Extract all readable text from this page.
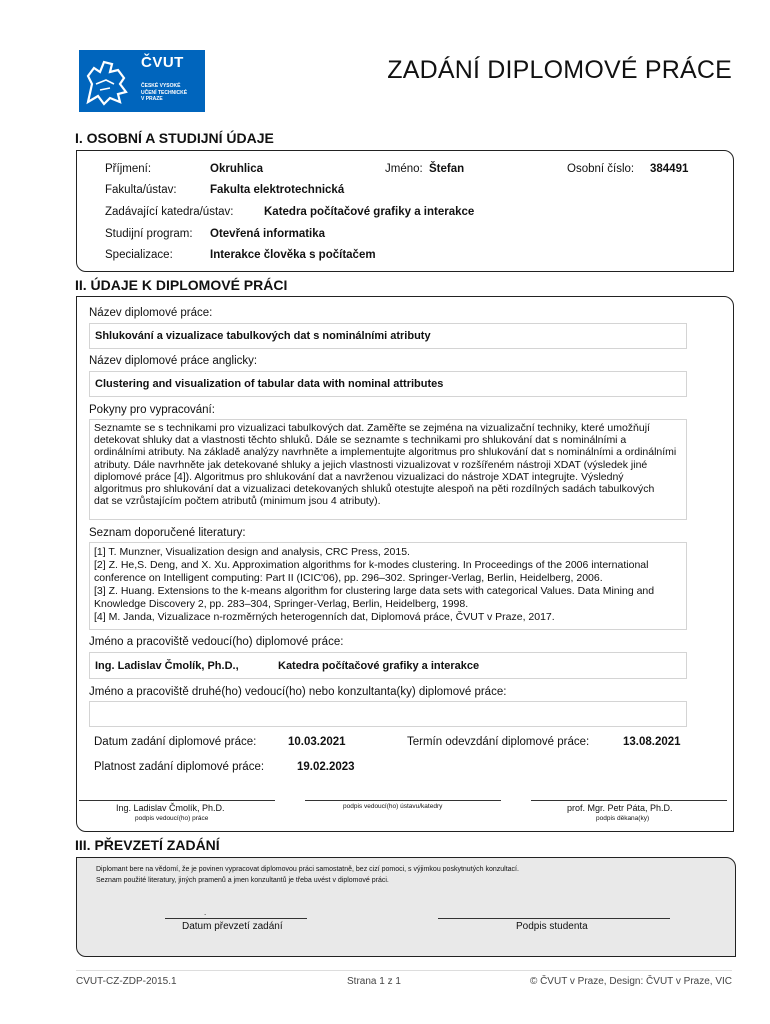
ČVUT
ČESKÉ VYSOKÉ
UČENÍ TECHNICKÉ
V PRAZE
ZADÁNÍ DIPLOMOVÉ PRÁCE
I. OSOBNÍ A STUDIJNÍ ÚDAJE
Příjmení:	Okruhlica	Jméno: Štefan	Osobní číslo: 384491
Fakulta/ústav:	Fakulta elektrotechnická
Zadávající katedra/ústav:	Katedra počítačové grafiky a interakce
Studijní program: Otevřená informatika
Specializace:	Interakce člověka s počítačem
II. ÚDAJE K DIPLOMOVÉ PRÁCI
Název diplomové práce:
Shlukování a vizualizace tabulkových dat s nominálními atributy
Název diplomové práce anglicky:
Clustering and visualization of tabular data with nominal attributes
Pokyny pro vypracování:
Seznamte se s technikami pro vizualizaci tabulkových dat. Zaměřte se zejména na vizualizační techniky, které umožňují
detekovat shluky dat a vlastnosti těchto shluků. Dále se seznamte s technikami pro shlukování dat s nominálními a
ordinálními atributy. Na základě analýzy navrhněte a implementujte algoritmus pro shlukování dat s nominálními a ordinálními
atributy. Dále navrhněte jak detekované shluky a jejich vlastnosti vizualizovat v rozšířeném nástroji XDAT (výsledek jiné
diplomové práce [4]). Algoritmus pro shlukování dat a navrženou vizualizaci do nástroje XDAT integrujte. Výsledný
algoritmus pro shlukování dat a vizualizaci detekovaných shluků otestujte alespoň na pěti rozdílných sadách tabulkových
dat se vzrůstajícím počtem atributů (minimum jsou 4 atributy).
Seznam doporučené literatury:
[1] T. Munzner, Visualization design and analysis, CRC Press, 2015.
[2] Z. He,S. Deng, and X. Xu. Approximation algorithms for k-modes clustering. In Proceedings of the 2006 international
conference on Intelligent computing: Part II (ICIC'06), pp. 296–302. Springer-Verlag, Berlin, Heidelberg, 2006.
[3] Z. Huang. Extensions to the k-means algorithm for clustering large data sets with categorical Values. Data Mining and
Knowledge Discovery 2, pp. 283–304, Springer-Verlag, Berlin, Heidelberg, 1998.
[4] M. Janda, Vizualizace n-rozměrných heterogenních dat, Diplomová práce, ČVUT v Praze, 2017.
Jméno a pracoviště vedoucí(ho) diplomové práce:
Ing. Ladislav Čmolík, Ph.D.,	Katedra počítačové grafiky a interakce
Jméno a pracoviště druhé(ho) vedoucí(ho) nebo konzultanta(ky) diplomové práce:
Datum zadání diplomové práce:	10.03.2021	Termín odevzdání diplomové práce:	13.08.2021
Platnost zadání diplomové práce:	19.02.2023
Ing. Ladislav Čmolík, Ph.D.
podpis vedoucí(ho) práce
podpis vedoucí(ho) ústavu/katedry	prof. Mgr. Petr Páta, Ph.D.
podpis děkana(ky)
III. PŘEVZETÍ ZADÁNÍ
Diplomant bere na vědomí, že je povinen vypracovat diplomovou práci samostatně, bez cizí pomoci, s výjimkou poskytnutých konzultací.
Seznam použité literatury, jiných pramenů a jmen konzultantů je třeba uvést v diplomové práci.
.
Datum převzetí zadání	Podpis studenta
CVUT-CZ-ZDP-2015.1	Strana 1 z 1	© ČVUT v Praze, Design: ČVUT v Praze, VIC
